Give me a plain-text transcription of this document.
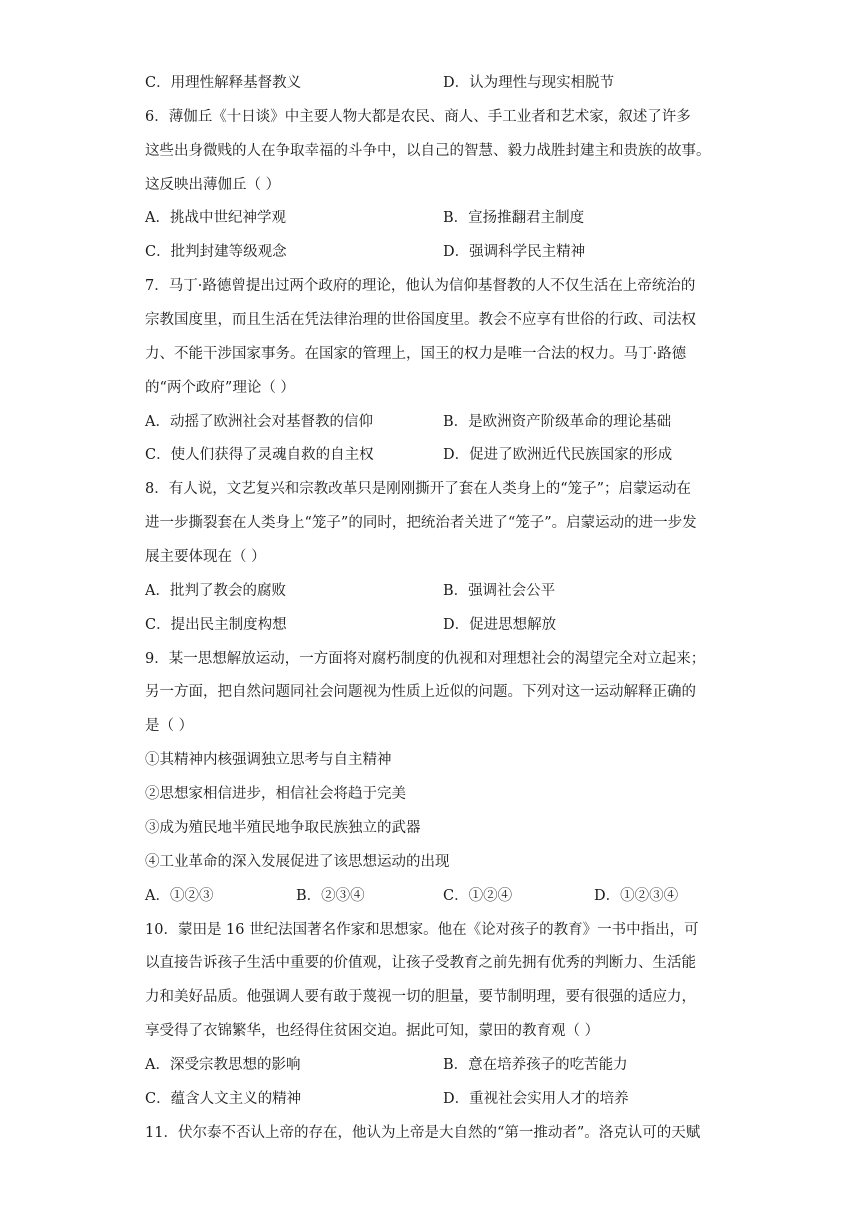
C．用理性解释基督教义	D．认为理性与现实相脱节
6．薄伽丘《十日谈》中主要人物大都是农民、商人、手工业者和艺术家，叙述了许多
这些出身微贱的人在争取幸福的斗争中，以自己的智慧、毅力战胜封建主和贵族的故事。
这反映出薄伽丘（ ）
A．挑战中世纪神学观	B．宣扬推翻君主制度
C．批判封建等级观念	D．强调科学民主精神
7．马丁·路德曾提出过两个政府的理论，他认为信仰基督教的人不仅生活在上帝统治的
宗教国度里，而且生活在凭法律治理的世俗国度里。教会不应享有世俗的行政、司法权
力、不能干涉国家事务。在国家的管理上，国王的权力是唯一合法的权力。马丁·路德
的“两个政府”理论（ ）
A．动摇了欧洲社会对基督教的信仰	B．是欧洲资产阶级革命的理论基础
C．使人们获得了灵魂自救的自主权	D．促进了欧洲近代民族国家的形成
8．有人说，文艺复兴和宗教改革只是刚刚撕开了套在人类身上的“笼子”；启蒙运动在
进一步撕裂套在人类身上“笼子”的同时，把统治者关进了“笼子”。启蒙运动的进一步发
展主要体现在（ ）
A．批判了教会的腐败	B．强调社会公平
C．提出民主制度构想	D．促进思想解放
9．某一思想解放运动，一方面将对腐朽制度的仇视和对理想社会的渴望完全对立起来；
另一方面，把自然问题同社会问题视为性质上近似的问题。下列对这一运动解释正确的
是（ ）
①其精神内核强调独立思考与自主精神
②思想家相信进步，相信社会将趋于完美
③成为殖民地半殖民地争取民族独立的武器
④工业革命的深入发展促进了该思想运动的出现
A．①②③	B．②③④	C．①②④	D．①②③④
10．蒙田是 16 世纪法国著名作家和思想家。他在《论对孩子的教育》一书中指出，可
以直接告诉孩子生活中重要的价值观，让孩子受教育之前先拥有优秀的判断力、生活能
力和美好品质。他强调人要有敢于蔑视一切的胆量，要节制明理，要有很强的适应力，
享受得了衣锦繁华，也经得住贫困交迫。据此可知，蒙田的教育观（ ）
A．深受宗教思想的影响	B．意在培养孩子的吃苦能力
C．蕴含人文主义的精神	D．重视社会实用人才的培养
11．伏尔泰不否认上帝的存在，他认为上帝是大自然的“第一推动者”。洛克认可的天赋
